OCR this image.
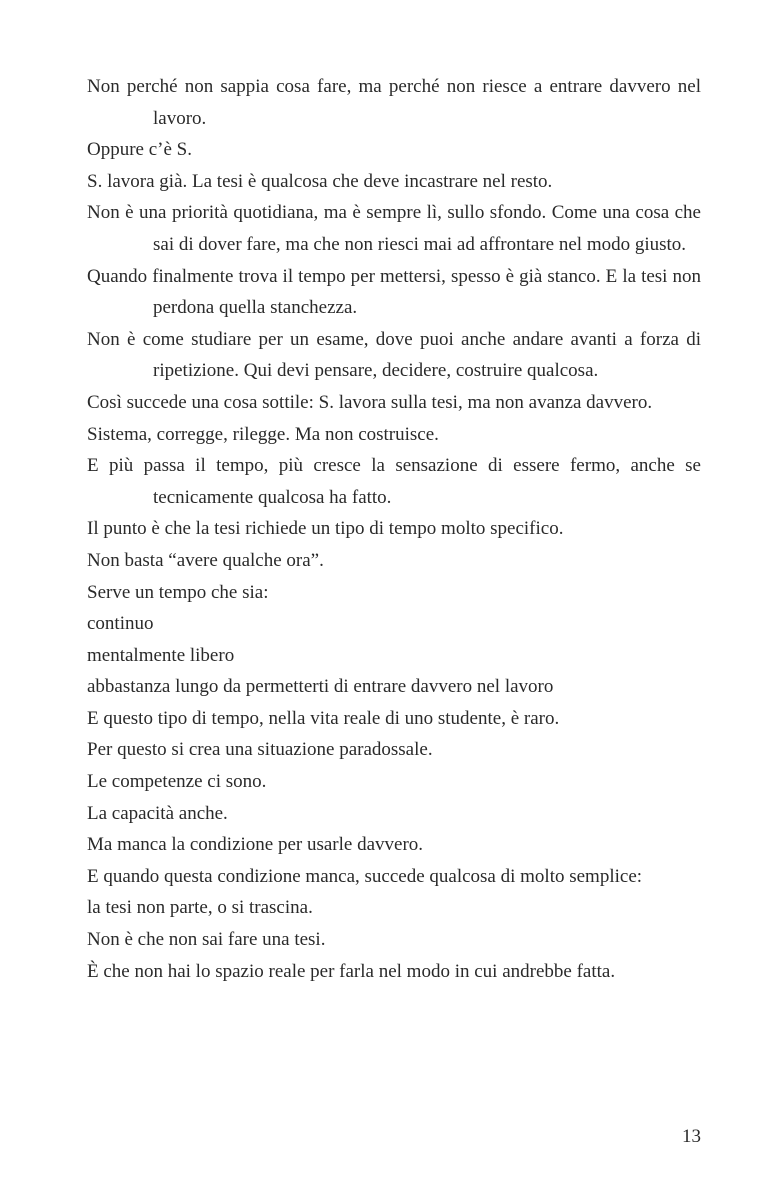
Non perché non sappia cosa fare, ma perché non riesce a entrare davvero nel lavoro.

Oppure c’è S.

S. lavora già. La tesi è qualcosa che deve incastrare nel resto.

Non è una priorità quotidiana, ma è sempre lì, sullo sfondo. Come una cosa che sai di dover fare, ma che non riesci mai ad affrontare nel modo giusto.

Quando finalmente trova il tempo per mettersi, spesso è già stanco. E la tesi non perdona quella stanchezza.

Non è come studiare per un esame, dove puoi anche andare avanti a forza di ripetizione. Qui devi pensare, decidere, costruire qualcosa.

Così succede una cosa sottile: S. lavora sulla tesi, ma non avanza davvero.

Sistema, corregge, rilegge. Ma non costruisce.

E più passa il tempo, più cresce la sensazione di essere fermo, anche se tecnicamente qualcosa ha fatto.

Il punto è che la tesi richiede un tipo di tempo molto specifico.

Non basta “avere qualche ora”.

Serve un tempo che sia:

continuo

mentalmente libero

abbastanza lungo da permetterti di entrare davvero nel lavoro

E questo tipo di tempo, nella vita reale di uno studente, è raro.

Per questo si crea una situazione paradossale.

Le competenze ci sono.

La capacità anche.

Ma manca la condizione per usarle davvero.

E quando questa condizione manca, succede qualcosa di molto semplice:

la tesi non parte, o si trascina.

Non è che non sai fare una tesi.

È che non hai lo spazio reale per farla nel modo in cui andrebbe fatta.

13
